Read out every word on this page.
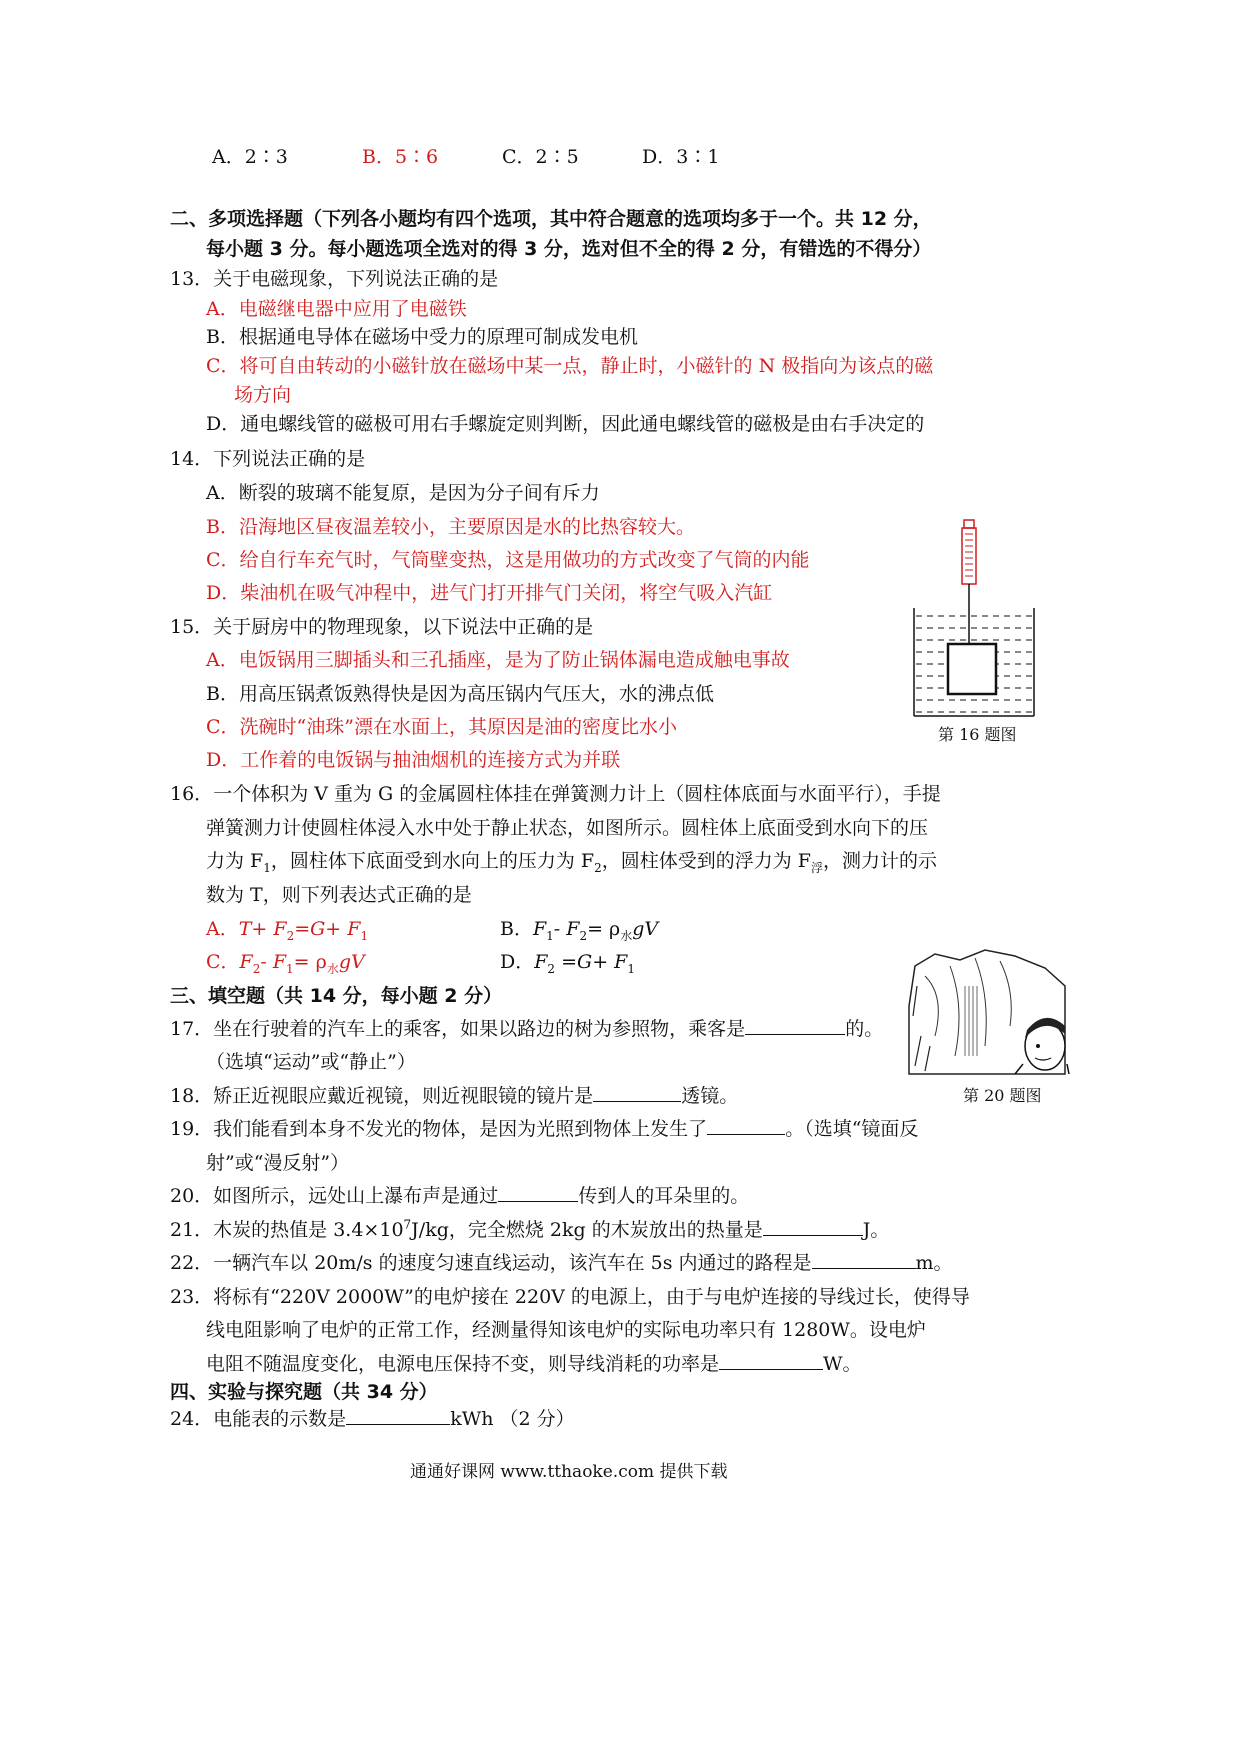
A．2∶3	B．5∶6	C．2∶5	D．3∶1
二、多项选择题（下列各小题均有四个选项，其中符合题意的选项均多于一个。共 12 分，
每小题 3 分。每小题选项全选对的得 3 分，选对但不全的得 2 分，有错选的不得分）
13．关于电磁现象，下列说法正确的是
A．电磁继电器中应用了电磁铁
B．根据通电导体在磁场中受力的原理可制成发电机
C．将可自由转动的小磁针放在磁场中某一点，静止时，小磁针的 N 极指向为该点的磁
场方向
D．通电螺线管的磁极可用右手螺旋定则判断，因此通电螺线管的磁极是由右手决定的
14．下列说法正确的是
A．断裂的玻璃不能复原，是因为分子间有斥力
B．沿海地区昼夜温差较小，主要原因是水的比热容较大。
C．给自行车充气时，气筒壁变热，这是用做功的方式改变了气筒的内能
D．柴油机在吸气冲程中，进气门打开排气门关闭，将空气吸入汽缸
15．关于厨房中的物理现象，以下说法中正确的是
A．电饭锅用三脚插头和三孔插座，是为了防止锅体漏电造成触电事故
B．用高压锅煮饭熟得快是因为高压锅内气压大，水的沸点低
C．洗碗时“油珠”漂在水面上，其原因是油的密度比水小
D．工作着的电饭锅与抽油烟机的连接方式为并联
第 16 题图
16．一个体积为 V 重为 G 的金属圆柱体挂在弹簧测力计上（圆柱体底面与水面平行），手提
弹簧测力计使圆柱体浸入水中处于静止状态，如图所示。圆柱体上底面受到水向下的压
力为 $F_1$，圆柱体下底面受到水向上的压力为 $F_2$，圆柱体受到的浮力为 $F_浮$，测力计的示
数为 T，则下列表达式正确的是
A．$T+ F_2=G+ F_1$	B．$F_1-$ $F_2= \rho_水gV$
C．$F_2-$ $F_1= \rho_水gV$	D．$F_2 =G+ F_1$
第 20 题图
三、填空题（共 14 分，每小题 2 分）
17．坐在行驶着的汽车上的乘客，如果以路边的树为参照物，乘客是	的。
（选填“运动”或“静止”）
18．矫正近视眼应戴近视镜，则近视眼镜的镜片是	透镜。
19．我们能看到本身不发光的物体，是因为光照到物体上发生了	。（选填“镜面反
射”或“漫反射”）
20．如图所示，远处山上瀑布声是通过	传到人的耳朵里的。
21．木炭的热值是 $3.4\times 10^7J/kg$，完全燃烧 2kg 的木炭放出的热量是	J。
22．一辆汽车以 20m/s 的速度匀速直线运动，该汽车在 5s 内通过的路程是	m。
23．将标有“220V 2000W”的电炉接在 220V 的电源上，由于与电炉连接的导线过长，使得导
线电阻影响了电炉的正常工作，经测量得知该电炉的实际电功率只有 1280W。设电炉
电阻不随温度变化，电源电压保持不变，则导线消耗的功率是	W。
四、实验与探究题（共 34 分）
24．电能表的示数是	kWh （2 分）
通通好课网 www.tthaoke.com 提供下载
